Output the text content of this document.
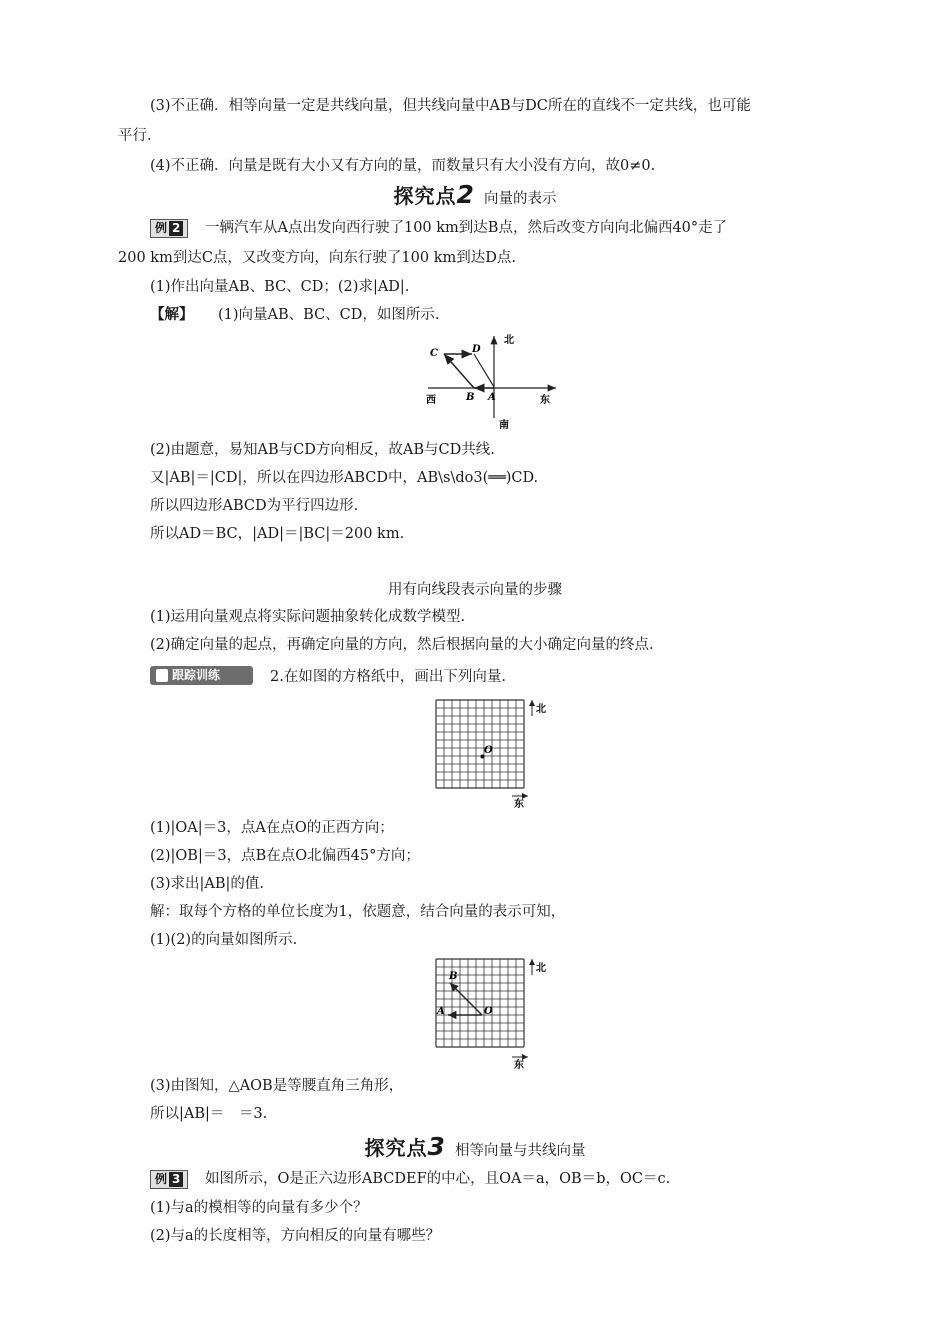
(3)不正确．相等向量一定是共线向量，但共线向量中AB与DC所在的直线不一定共线，也可能
平行．
(4)不正确．向量是既有大小又有方向的量，而数量只有大小没有方向，故0≠0.
探究点2 向量的表示
例 2	一辆汽车从A点出发向西行驶了100 km到达B点，然后改变方向向北偏西40°走了
200 km到达C点，又改变方向，向东行驶了100 km到达D点.
(1)作出向量AB、BC、CD；(2)求|AD|.
【解】 (1)向量AB、BC、CD，如图所示.
北
南
西	东
A
B
C	D
(2)由题意，易知AB与CD方向相反，故AB与CD共线.
又|AB|＝|CD|，所以在四边形ABCD中，AB\s\do3(══)CD.
所以四边形ABCD为平行四边形.
所以AD＝BC，|AD|＝|BC|＝200 km.
用有向线段表示向量的步骤
(1)运用向量观点将实际问题抽象转化成数学模型.
(2)确定向量的起点，再确定向量的方向，然后根据向量的大小确定向量的终点.
跟踪训练	2.在如图的方格纸中，画出下列向量.
北
东
O
(1)|OA|＝3，点A在点O的正西方向；
(2)|OB|＝3，点B在点O北偏西45°方向；
(3)求出|AB|的值.
解：取每个方格的单位长度为1，依题意，结合向量的表示可知，
(1)(2)的向量如图所示.
北
东
O
A
B
(3)由图知，△AOB是等腰直角三角形，
所以|AB|＝　＝3.
探究点3 相等向量与共线向量
例 3	如图所示，O是正六边形ABCDEF的中心，且OA＝a，OB＝b，OC＝c.
(1)与a的模相等的向量有多少个？
(2)与a的长度相等，方向相反的向量有哪些？
